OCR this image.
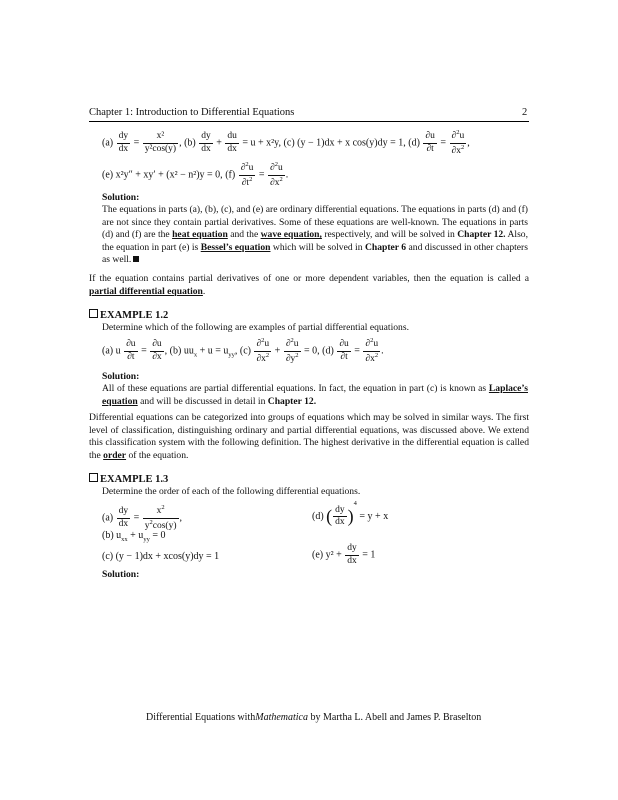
Chapter 1: Introduction to Differential Equations	2
$(a) \frac{dy}{dx} = \frac{\text{x²}}{\text{y²cos(y)}}$ , $(b) \frac{dy}{dx} + \frac{du}{dx} = u + x^2y$, (c) (y − 1)dx + x cos(y)dy = 1, $(d) \frac{\partial u}{\partial t} = \frac{\partial^2u}{\partial x^2}$ ,
(e) x²y″ + xy′ + (x² − n²)y = 0, $(f) \frac{\partial^2u}{\partial t^2} = \frac{\partial^2u}{\partial x^2}$ .
Solution:
The equations in parts (a), (b), (c), and (e) are ordinary differential equations. The equations in parts (d) and (f) are not since they contain partial derivatives. Some of these equations are well-known. The equations in parts (d) and (f) are the heat equation and the wave equation, respectively, and will be solved in Chapter 12. Also, the equation in part (e) is Bessel’s equation which will be solved in Chapter 6 and discussed in other chapters as well.
If the equation contains partial derivatives of one or more dependent variables, then the equation is called a partial differential equation.
EXAMPLE 1.2
Determine which of the following are examples of partial differential equations.
(a) u $\frac{\partial u}{\partial t} = \frac{\partial u}{\partial x}$ , (b) $uu_x + u = u_{yy}$, $(c) \frac{\partial^2u}{\partial x^2} + \frac{\partial^2u}{\partial y^2} = 0$, $(d) \frac{\partial u}{\partial t} = \frac{\partial^2u}{\partial x^2}$ .
Solution:
All of these equations are partial differential equations. In fact, the equation in part (c) is known as Laplace’s equation and will be discussed in detail in Chapter 12.
Differential equations can be categorized into groups of equations which may be solved in similar ways. The first level of classification, distinguishing ordinary and partial differential equations, was discussed above. We extend this classification system with the following definition. The highest derivative in the differential equation is called the order of the equation.
EXAMPLE 1.3
Determine the order of each of the following differential equations.
$(a) \frac{dy}{dx} = \frac{x^2}{y^2\cos(y)}$ ,
(b) $u_{xx} + u_{yy} = 0$
(c) (y − 1)dx + xcos(y)dy = 1
(d) ( $\frac{dy}{dx} )^4 = y + x$
(e) $y^2 + \frac{dy}{dx} = 1$
Solution:
Differential Equations withMathematica by Martha L. Abell and James P. Braselton
